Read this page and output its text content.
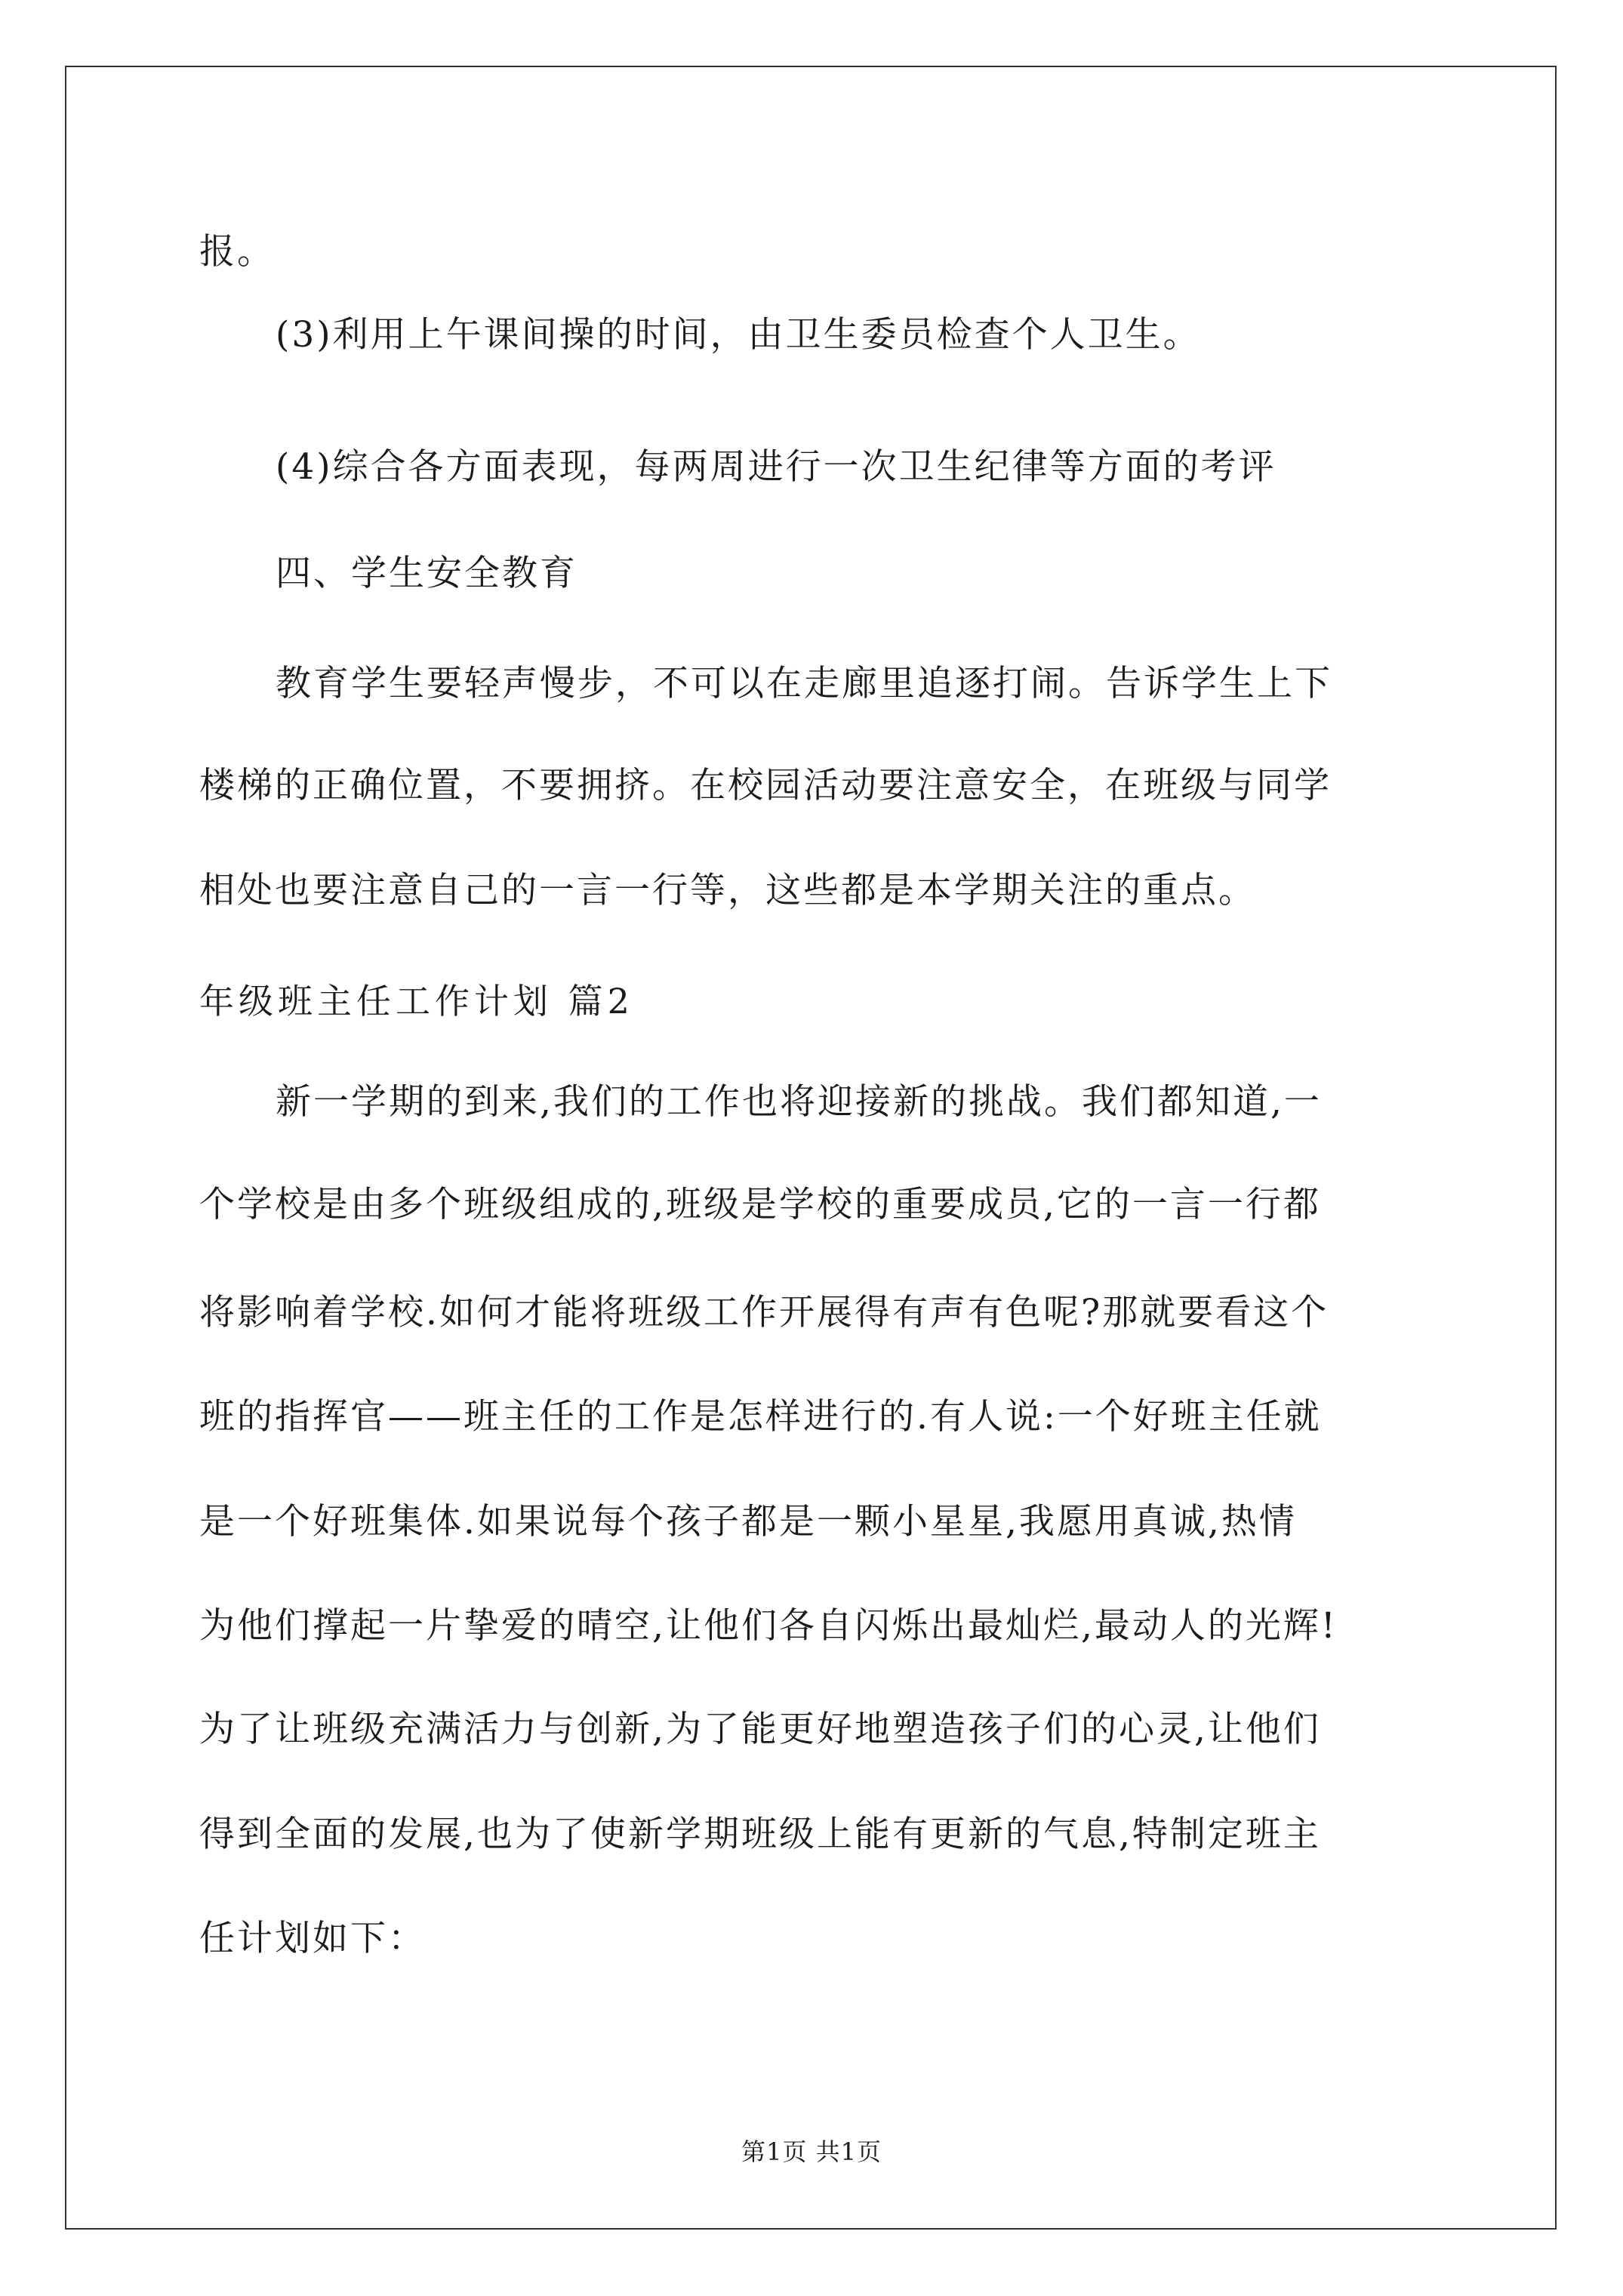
报。
(3)利用上午课间操的时间，由卫生委员检查个人卫生。
(4)综合各方面表现，每两周进行一次卫生纪律等方面的考评
四、学生安全教育
教育学生要轻声慢步，不可以在走廊里追逐打闹。告诉学生上下
楼梯的正确位置，不要拥挤。在校园活动要注意安全，在班级与同学
相处也要注意自己的一言一行等，这些都是本学期关注的重点。
年级班主任工作计划 篇2
新一学期的到来,我们的工作也将迎接新的挑战。我们都知道,一
个学校是由多个班级组成的,班级是学校的重要成员,它的一言一行都
将影响着学校.如何才能将班级工作开展得有声有色呢?那就要看这个
班的指挥官——班主任的工作是怎样进行的.有人说:一个好班主任就
是一个好班集体.如果说每个孩子都是一颗小星星,我愿用真诚,热情
为他们撑起一片挚爱的晴空,让他们各自闪烁出最灿烂,最动人的光辉!
为了让班级充满活力与创新,为了能更好地塑造孩子们的心灵,让他们
得到全面的发展,也为了使新学期班级上能有更新的气息,特制定班主
任计划如下：
第1页 共1页
